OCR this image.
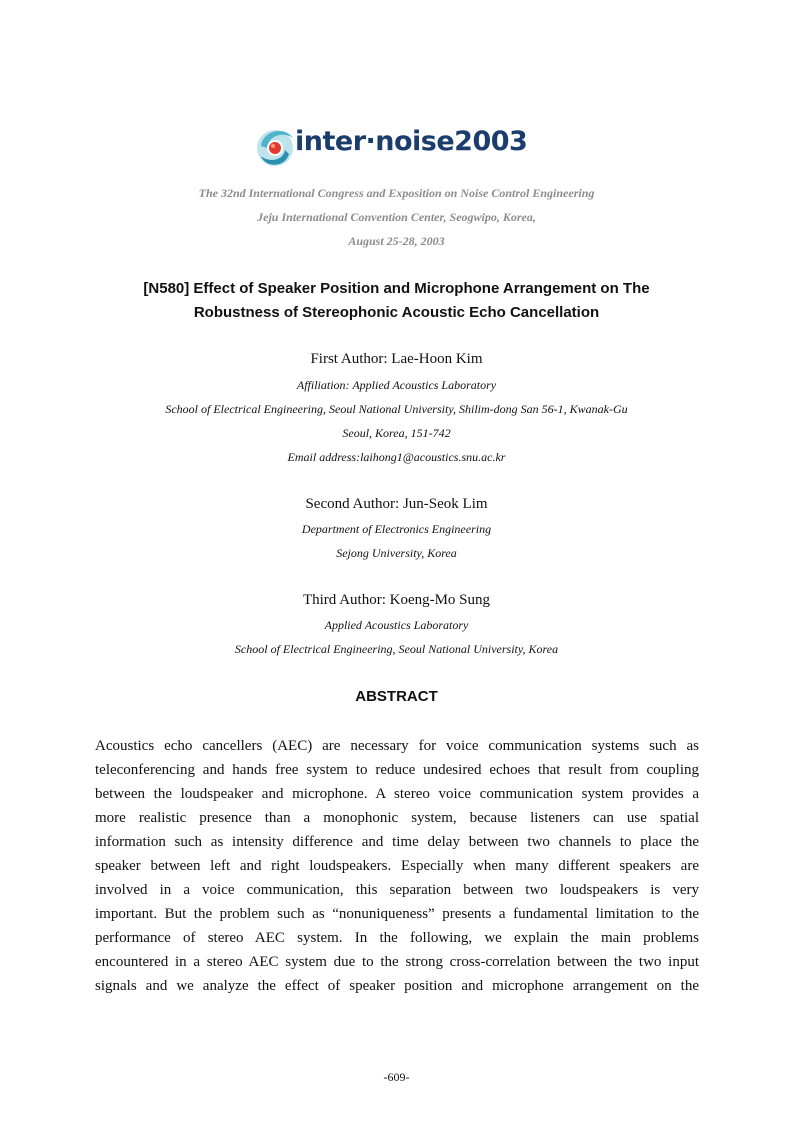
inter·noise2003
The 32nd International Congress and Exposition on Noise Control Engineering
Jeju International Convention Center, Seogwipo, Korea,
August 25-28, 2003
[N580] Effect of Speaker Position and Microphone Arrangement on The
Robustness of Stereophonic Acoustic Echo Cancellation
First Author: Lae-Hoon Kim
Affiliation: Applied Acoustics Laboratory
School of Electrical Engineering, Seoul National University, Shilim-dong San 56-1, Kwanak-Gu
Seoul, Korea, 151-742
Email address:laihong1@acoustics.snu.ac.kr
Second Author: Jun-Seok Lim
Department of Electronics Engineering
Sejong University, Korea
Third Author: Koeng-Mo Sung
Applied Acoustics Laboratory
School of Electrical Engineering, Seoul National University, Korea
ABSTRACT
Acoustics echo cancellers (AEC) are necessary for voice communication systems such as
teleconferencing and hands free system to reduce undesired echoes that result from coupling
between the loudspeaker and microphone. A stereo voice communication system provides a
more realistic presence than a monophonic system, because listeners can use spatial
information such as intensity difference and time delay between two channels to place the
speaker between left and right loudspeakers. Especially when many different speakers are
involved in a voice communication, this separation between two loudspeakers is very
important. But the problem such as “nonuniqueness” presents a fundamental limitation to the
performance of stereo AEC system. In the following, we explain the main problems
encountered in a stereo AEC system due to the strong cross-correlation between the two input
signals and we analyze the effect of speaker position and microphone arrangement on the
-609-
